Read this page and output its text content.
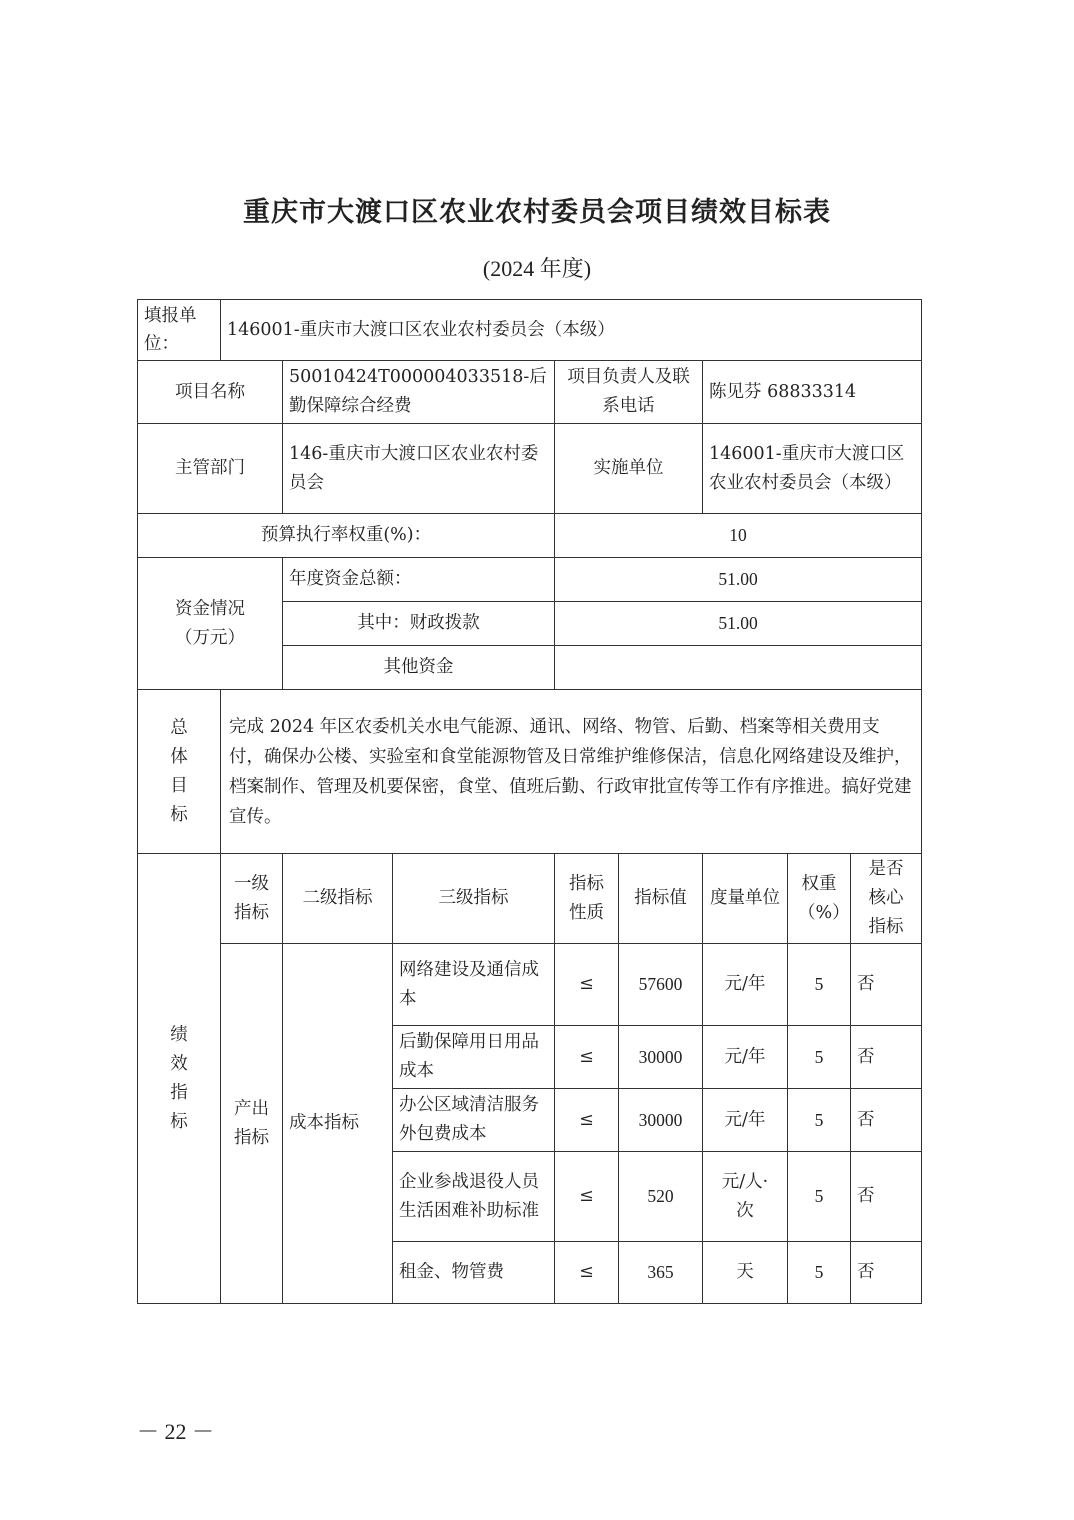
重庆市大渡口区农业农村委员会项目绩效目标表
(2024 年度)
填报单位：	146001-重庆市大渡口区农业农村委员会（本级）							
项目名称		50010424T000004033518-后勤保障综合经费		项目负责人及联系电话		陈见芬 68833314		
主管部门		146-重庆市大渡口区农业农村委员会		实施单位		146001-重庆市大渡口区农业农村委员会（本级）		
预算执行率权重(%)：				10				
资金情况（万元）		年度资金总额：		51.00				
		其中：财政拨款		51.00				
		其他资金						
总体目标	完成 2024 年区农委机关水电气能源、通讯、网络、物管、后勤、档案等相关费用支付，确保办公楼、实验室和食堂能源物管及日常维护维修保洁，信息化网络建设及维护，档案制作、管理及机要保密，食堂、值班后勤、行政审批宣传等工作有序推进。搞好党建宣传。							
绩效指标	一级指标	二级指标	三级指标	指标性质	指标值	度量单位	权重（%）	是否核心指标
	产出指标	成本指标	网络建设及通信成本	≤	57600	元/年	5	否
			后勤保障用日用品成本	≤	30000	元/年	5	否
			办公区域清洁服务外包费成本	≤	30000	元/年	5	否
			企业参战退役人员生活困难补助标准	≤	520	元/人·次	5	否
			租金、物管费	≤	365	天	5	否
－ 22 －
